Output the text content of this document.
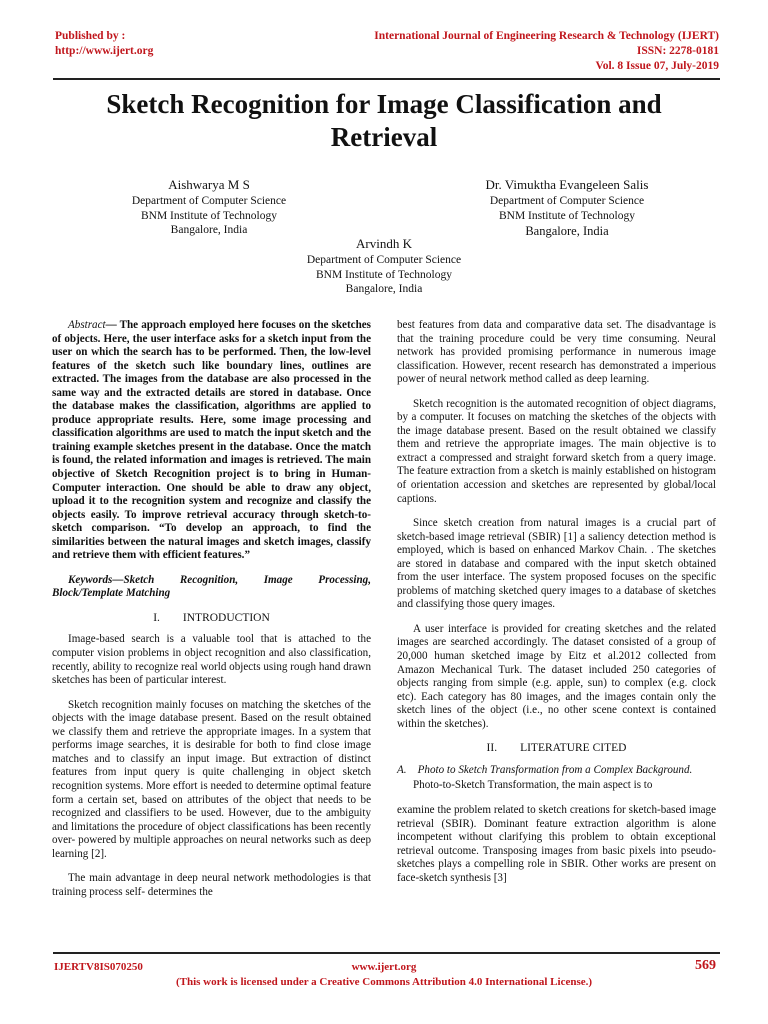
Published by :
http://www.ijert.org
International Journal of Engineering Research & Technology (IJERT)
ISSN: 2278-0181
Vol. 8 Issue 07, July-2019
Sketch Recognition for Image Classification and
Retrieval
Aishwarya M S
Department of Computer Science
BNM Institute of Technology
Bangalore, India
Dr. Vimuktha Evangeleen Salis
Department of Computer Science
BNM Institute of Technology
Bangalore, India
Arvindh K
Department of Computer Science
BNM Institute of Technology
Bangalore, India

Abstract— The approach employed here focuses on the sketches of objects. Here, the user interface asks for a sketch input from the user on which the search has to be performed. Then, the low-level features of the sketch such like boundary lines, outlines are extracted. The images from the database are also processed in the same way and the extracted details are stored in database. Once the database makes the classification, algorithms are applied to produce appropriate results. Here, some image processing and classification algorithms are used to match the input sketch and the training example sketches present in the database. Once the match is found, the related information and images is retrieved. The main objective of Sketch Recognition project is to bring in Human-Computer interaction. One should be able to draw any object, upload it to the recognition system and recognize and classify the objects easily. To improve retrieval accuracy through sketch-to-sketch comparison. “To develop an approach, to find the similarities between the natural images and sketch images, classify and retrieve them with efficient features.”

Keywords—Sketch Recognition, Image Processing, Block/Template Matching

I.  INTRODUCTION

Image-based search is a valuable tool that is attached to the computer vision problems in object recognition and also classification, recently, ability to recognize real world objects using rough hand drawn sketches has been of particular interest.

Sketch recognition mainly focuses on matching the sketches of the objects with the image database present. Based on the result obtained we classify them and retrieve the appropriate images. In a system that performs image searches, it is desirable for both to find close image matches and to classify an input image. But extraction of distinct features from input query is quite challenging in object sketch recognition systems. More effort is needed to determine optimal feature form a certain set, based on attributes of the object that needs to be recognized and classifiers to be used. However, due to the ambiguity and limitations the procedure of object classifications has been recently over- powered by multiple approaches on neural networks such as deep learning [2].

The main advantage in deep neural network methodologies is that training process self- determines the

best features from data and comparative data set. The disadvantage is that the training procedure could be very time consuming. Neural network has provided promising performance in numerous image classification. However, recent research has demonstrated a imperious power of neural network method called as deep learning.

Sketch recognition is the automated recognition of object diagrams, by a computer. It focuses on matching the sketches of the objects with the image database present. Based on the result obtained we classify them and retrieve the appropriate images. The main objective is to extract a compressed and straight forward sketch from a query image. The feature extraction from a sketch is mainly established on histogram of orientation accession and sketches are represented by global/local captions.

Since sketch creation from natural images is a crucial part of sketch-based image retrieval (SBIR) [1] a saliency detection method is employed, which is based on enhanced Markov Chain. . The sketches are stored in database and compared with the input sketch obtained from the user interface. The system proposed focuses on the specific problems of matching sketched query images to a database of sketches and classifying those query images.

A user interface is provided for creating sketches and the related images are searched accordingly. The dataset consisted of a group of 20,000 human sketched image by Eitz et al.2012 collected from Amazon Mechanical Turk. The dataset included 250 categories of objects ranging from simple (e.g. apple, sun) to complex (e.g. clock etc). Each category has 80 images, and the images contain only the sketch lines of the object (i.e., no other scene context is contained within the sketches).

II.  LITERATURE CITED
A. Photo to Sketch Transformation from a Complex Background.

Photo-to-Sketch Transformation, the main aspect is to

examine the problem related to sketch creations for sketch-based image retrieval (SBIR). Dominant feature extraction algorithm is alone incompetent without clarifying this problem to obtain exceptional retrieval outcome. Transposing images from basic pixels into pseudo-sketches plays a compelling role in SBIR. Other works are present on face-sketch synthesis [3]

IJERTV8IS070250	www.ijert.org	569
(This work is licensed under a Creative Commons Attribution 4.0 International License.)
